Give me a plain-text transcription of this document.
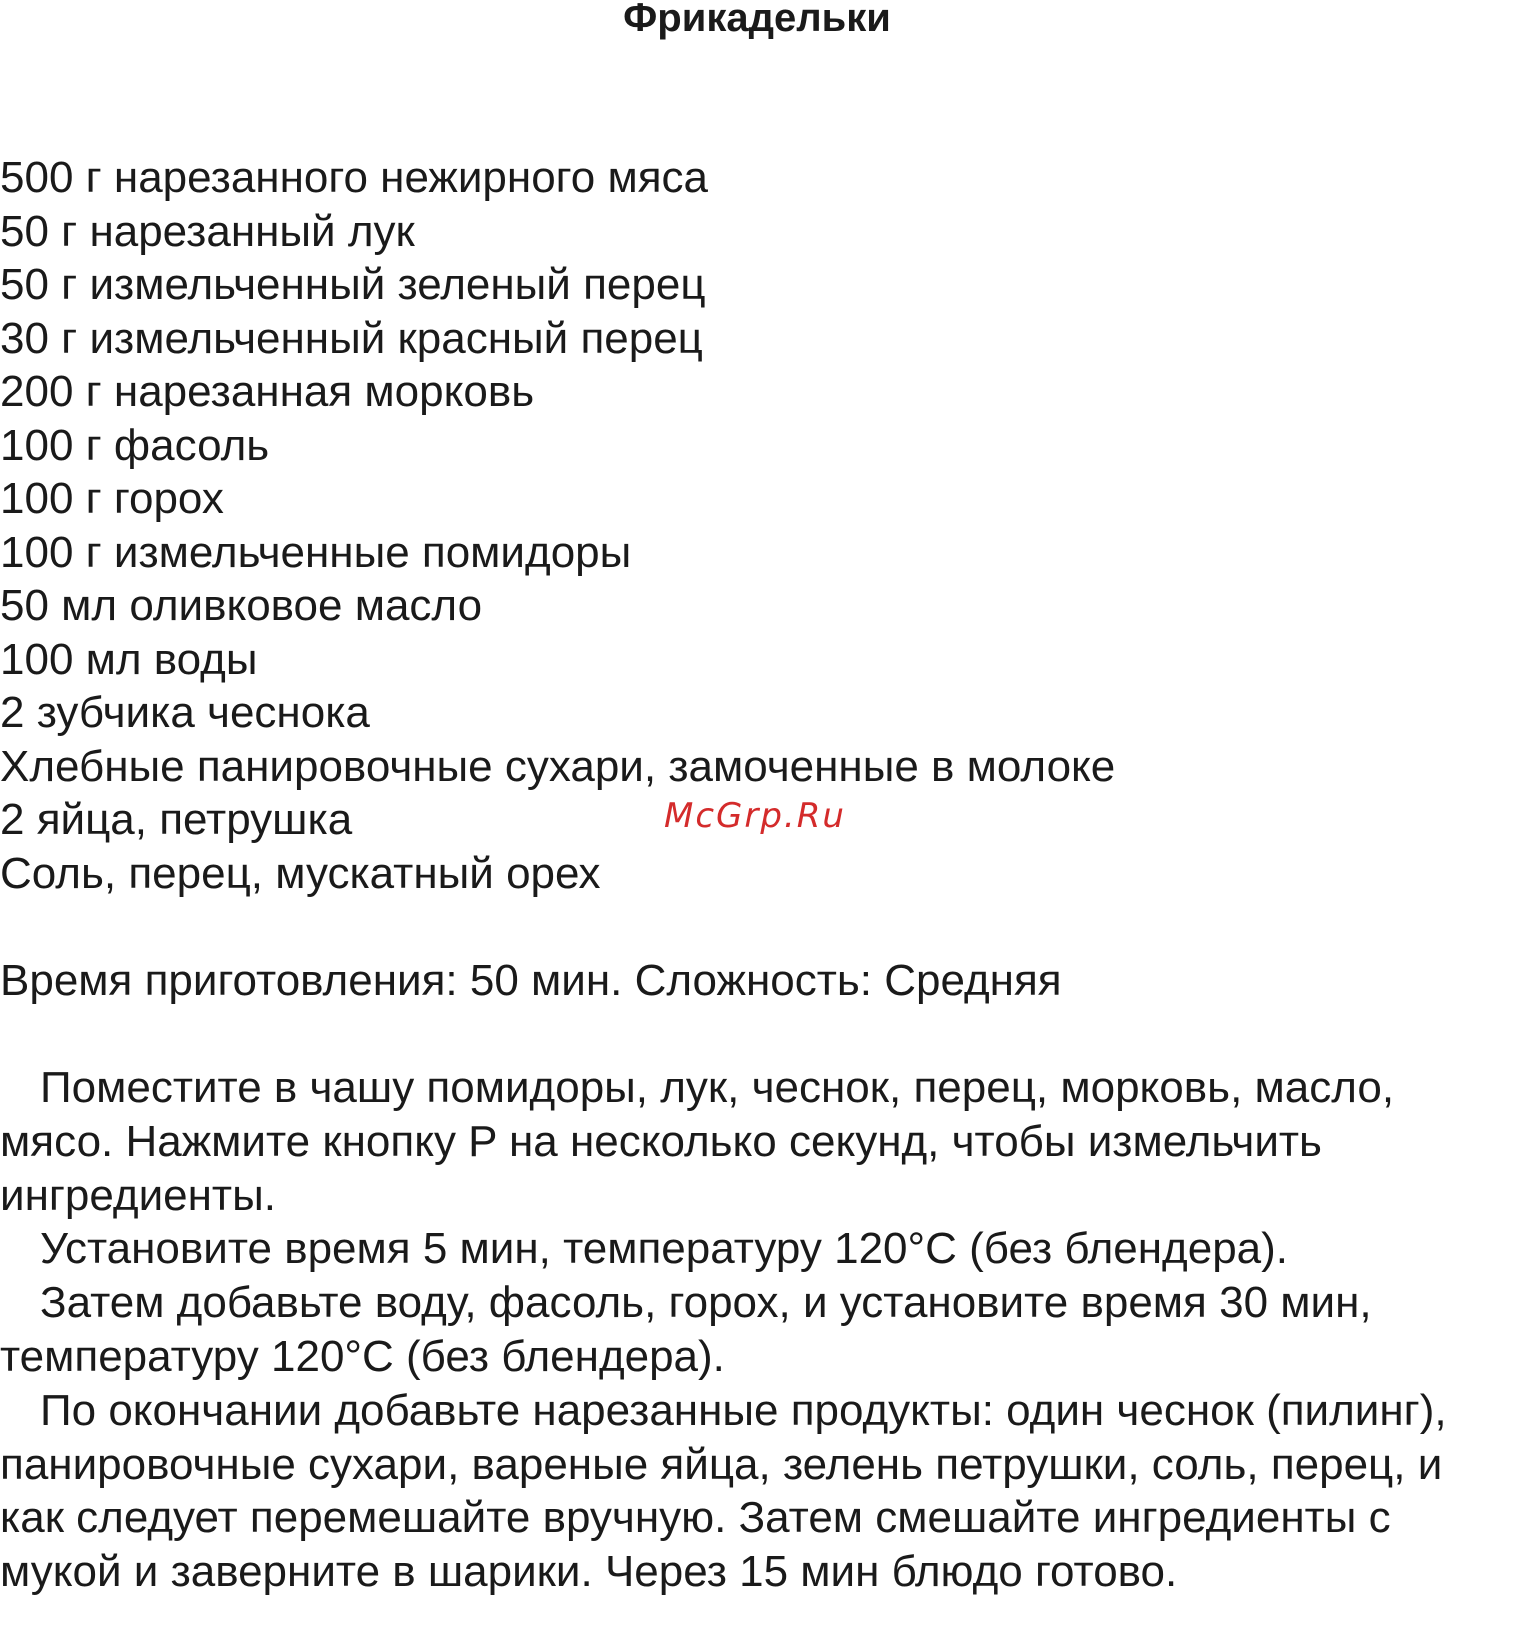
Фрикадельки
500 г нарезанного нежирного мяса
50 г нарезанный лук
50 г измельченный зеленый перец
30 г измельченный красный перец
200 г нарезанная морковь
100 г фасоль
100 г горох
100 г измельченные помидоры
50 мл оливковое масло
100 мл воды
2 зубчика чеснока
Хлебные панировочные сухари, замоченные в молоке
2 яйца, петрушка
Соль, перец, мускатный орех

Время приготовления: 50 мин. Сложность: Средняя

Поместите в чашу помидоры, лук, чеснок, перец, морковь, масло, мясо. Нажмите кнопку P на несколько секунд, чтобы измельчить ингредиенты.

Установите время 5 мин, температуру 120°C (без блендера).

Затем добавьте воду, фасоль, горох, и установите время 30 мин, температуру 120°C (без блендера).

По окончании добавьте нарезанные продукты: один чеснок (пилинг), панировочные сухари, вареные яйца, зелень петрушки, соль, перец, и как следует перемешайте вручную. Затем смешайте ингредиенты с мукой и заверните в шарики. Через 15 мин блюдо готово.

McGrp.Ru
